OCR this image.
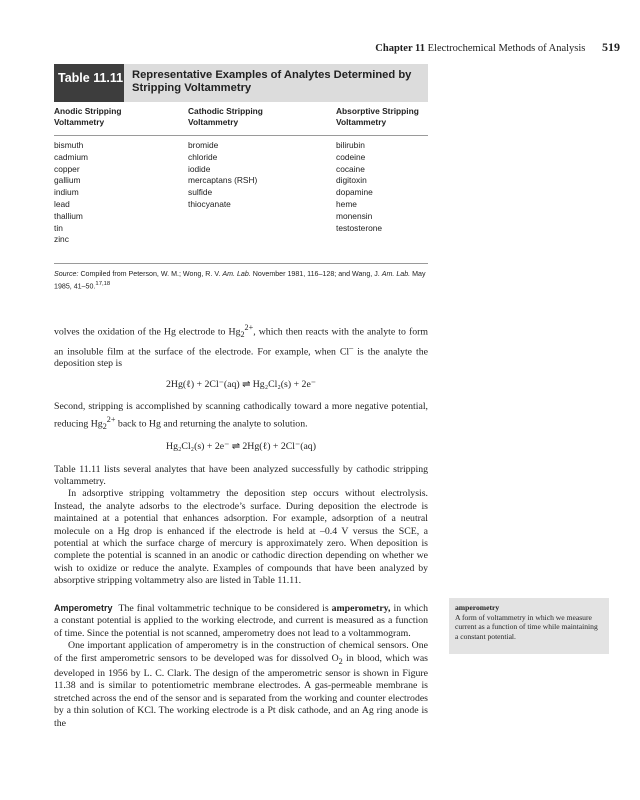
Chapter 11 Electrochemical Methods of Analysis 519
Table 11.11 Representative Examples of Analytes Determined by
Stripping Voltammetry
Anodic Stripping
Voltammetry
Cathodic Stripping
Voltammetry
Absorptive Stripping
Voltammetry
bismuth
cadmium
copper
gallium
indium
lead
thallium
tin
zinc
bromide
chloride
iodide
mercaptans (RSH)
sulfide
thiocyanate
bilirubin
codeine
cocaine
digitoxin
dopamine
heme
monensin
testosterone
Source: Compiled from Peterson, W. M.; Wong, R. V. Am. Lab. November 1981, 116–128; and Wang, J. Am. Lab. May 1985, 41–50.$^{17,18}$

volves the oxidation of the Hg electrode to $Hg_2^{2+}$, which then reacts with the analyte to form an insoluble film at the surface of the electrode. For example, when Cl– is the analyte the deposition step is

2Hg(ℓ) + 2Cl⁻(aq) ⇌ Hg₂Cl₂(s) + 2e⁻

Second, stripping is accomplished by scanning cathodically toward a more negative potential, reducing $Hg_2^{2+}$ back to Hg and returning the analyte to solution.

Hg₂Cl₂(s) + 2e⁻ ⇌ 2Hg(ℓ) + 2Cl⁻(aq)

Table 11.11 lists several analytes that have been analyzed successfully by cathodic stripping voltammetry.

In adsorptive stripping voltammetry the deposition step occurs without electrolysis. Instead, the analyte adsorbs to the electrode’s surface. During deposition the electrode is maintained at a potential that enhances adsorption. For example, adsorption of a neutral molecule on a Hg drop is enhanced if the electrode is held at –0.4 V versus the SCE, a potential at which the surface charge of mercury is approximately zero. When deposition is complete the potential is scanned in an anodic or cathodic direction depending on whether we wish to oxidize or reduce the analyte. Examples of compounds that have been analyzed by absorptive stripping voltammetry also are listed in Table 11.11.

Amperometry The final voltammetric technique to be considered is amperometry, in which a constant potential is applied to the working electrode, and current is measured as a function of time. Since the potential is not scanned, amperometry does not lead to a voltammogram.

One important application of amperometry is in the construction of chemical sensors. One of the first amperometric sensors to be developed was for dissolved $O_2$ in blood, which was developed in 1956 by L. C. Clark. The design of the amperometric sensor is shown in Figure 11.38 and is similar to potentiometric membrane electrodes. A gas-permeable membrane is stretched across the end of the sensor and is separated from the working and counter electrodes by a thin solution of KCl. The working electrode is a Pt disk cathode, and an Ag ring anode is the

amperometry
A form of voltammetry in which we measure current as a function of time while maintaining a constant potential.
